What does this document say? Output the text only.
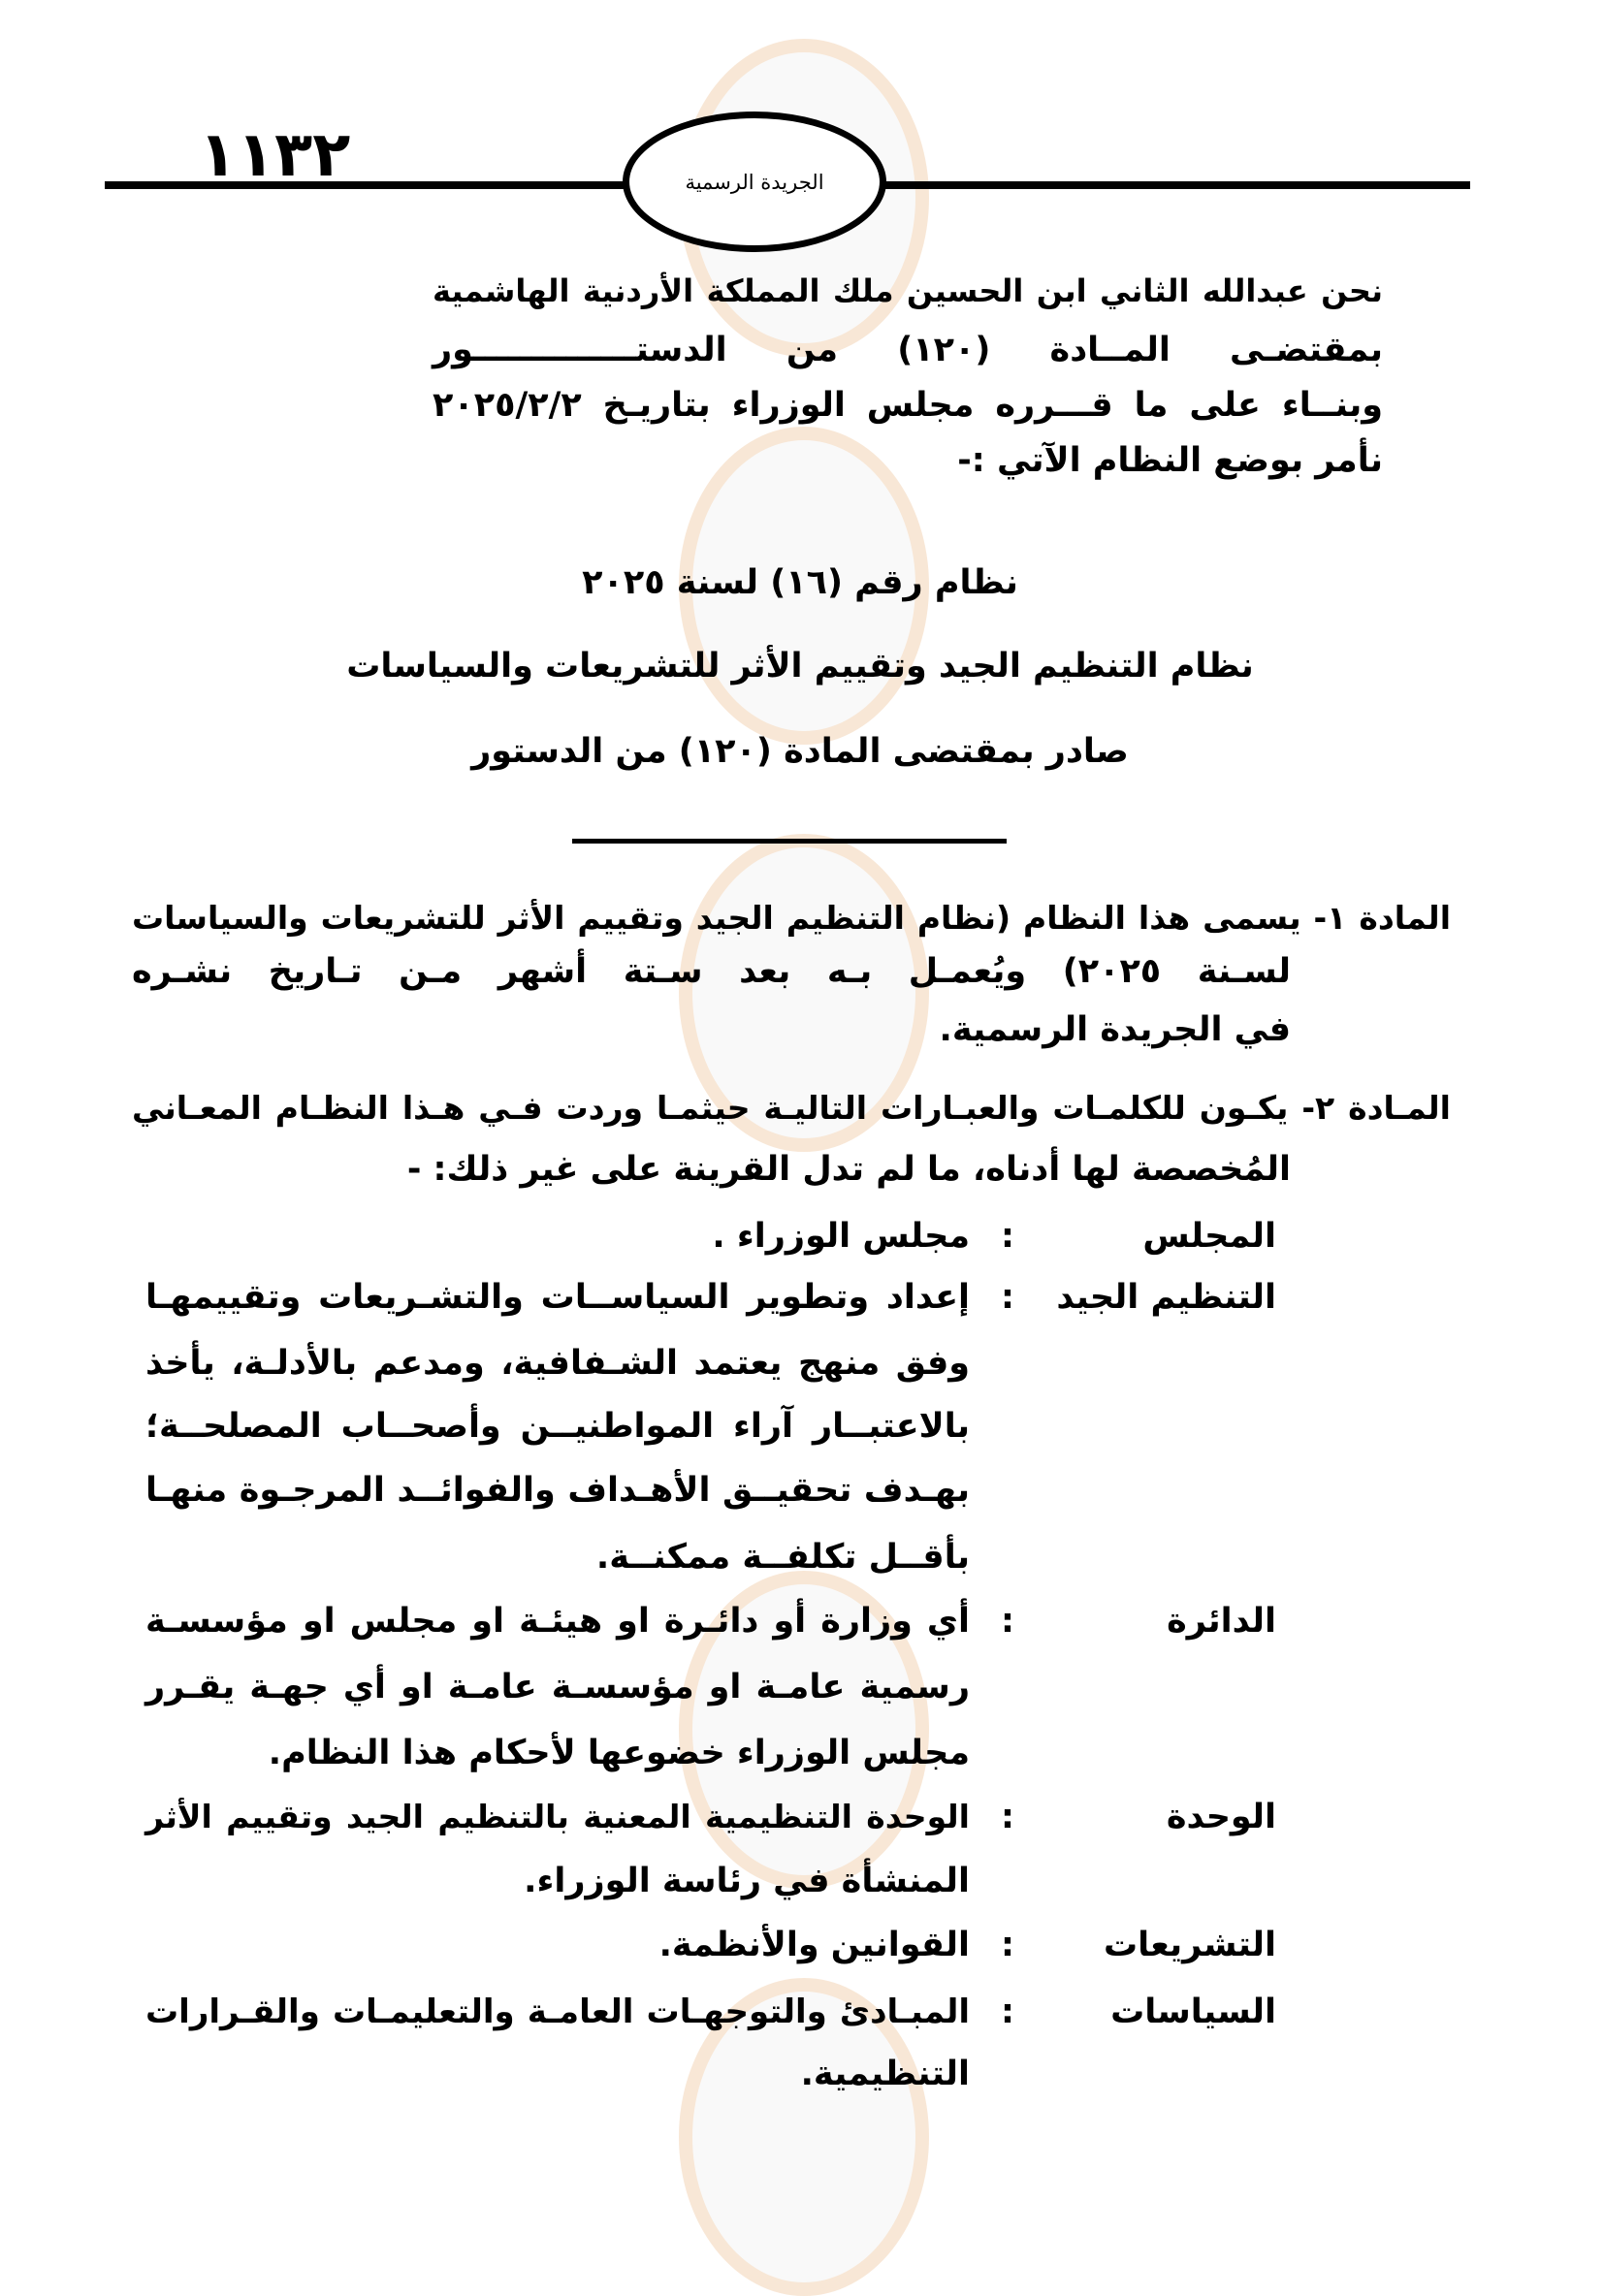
١١٣٢	الجريدة الرسمية
نحن عبدالله الثاني ابن الحسين ملك المملكة الأردنية الهاشمية
بمقتضـى المــادة (١٢٠) من الدستــــــــــــــور
وبنــاء على ما قـــرره مجلس الوزراء بتاريـخ ٢٠٢٥/٢/٢
نأمر بوضع النظام الآتي :-
نظام رقم (١٦) لسنة ٢٠٢٥
نظام التنظيم الجيد وتقييم الأثر للتشريعات والسياسات
صادر بمقتضى المادة (١٢٠) من الدستور
المادة ١- يسمى هذا النظام (نظام التنظيم الجيد وتقييم الأثر للتشريعات والسياسات
لسـنة ٢٠٢٥) ويُعمـل بـه بعد سـتة أشهر مـن تـاريخ نشـره
في الجريدة الرسمية.
المـادة ٢- يكـون للكلمـات والعبـارات التاليـة حيثمـا وردت فـي هـذا النظـام المعـاني
المُخصصة لها أدناه، ما لم تدل القرينة على غير ذلك: -
المجلس
:
مجلس الوزراء .
التنظيم الجيد
:
إعداد وتطوير السياســات والتشـريعات وتقييمهـا
وفق منهج يعتمد الشـفافية، ومدعم بالأدلـة، يأخذ
بالاعتبــار آراء المواطنيــن وأصحــاب المصلحــة؛
بهـدف تحقيــق الأهـداف والفوائــد المرجـوة منهـا
بأقــل تكلفــة ممكنــة.
الدائرة
:
أي وزارة أو دائـرة او هيئـة او مجلس او مؤسسـة
رسمية عامـة او مؤسسـة عامـة او أي جهـة يقـرر
مجلس الوزراء خضوعها لأحكام هذا النظام.
الوحدة
:
الوحدة التنظيمية المعنية بالتنظيم الجيد وتقييم الأثر
المنشأة في رئاسة الوزراء.
التشريعات
:
القوانين والأنظمة.
السياسات
:
المبـادئ والتوجهـات العامـة والتعليمـات والقـرارات
التنظيمية.
